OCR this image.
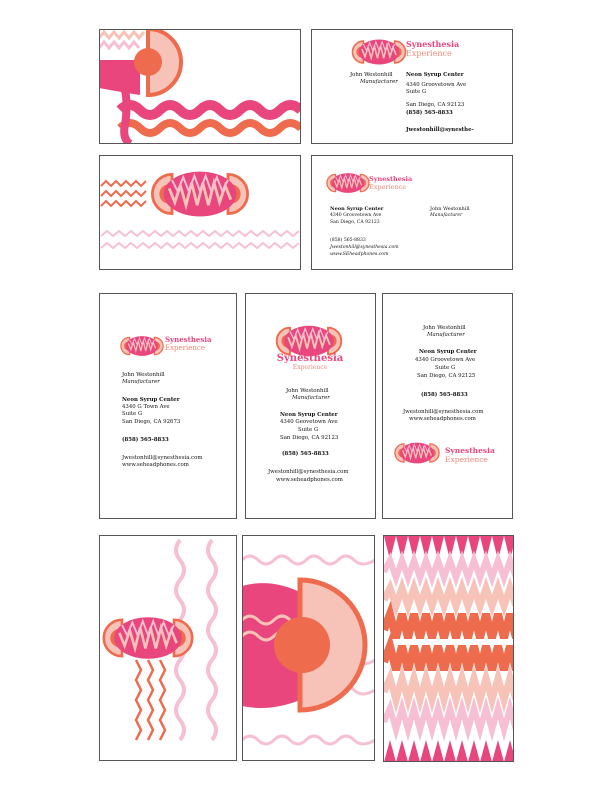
Synesthesia
Experience
John Westonhill
Manufacturer
Neon Syrup Center
4340 Groovetown Ave
Suite G
San Diego, CA 92123
(858) 565-8833
Jwestonhill@synesthe-
Synesthesia
Experience
Neon Syrup Center
4340 Groovetown Ave
San Diego, CA 92123
John Westonhill
Manufacturer
(858) 565-8833
Jwestonhill@synesthesia.com
www.SEheadphones.com
Synesthesia
Experience
John Westonhill
Manufacturer
Neon Syrup Center
4340 G Town Ave
Suite G
San Diego, CA 92673
(858) 565-8833
Jwestonhill@synesthesia.com
www.seheadphones.com
Synesthesia
Experience
John Westonhill
Manufacturer
Neon Syrup Center
4340 Geovetown Ave
Suite G
San Diego, CA 92123
(858) 565-8833
Jwestonhill@synesthesia.com
www.seheadphones.com
John Westonhill
Manufacturer
Neon Syrup Center
4340 Groovetown Ave
Suite G
San Diego, CA 92125
(858) 565-8833
Jwestonhill@synesthesia.com
www.seheadphones.com
Synesthesia
Experience
